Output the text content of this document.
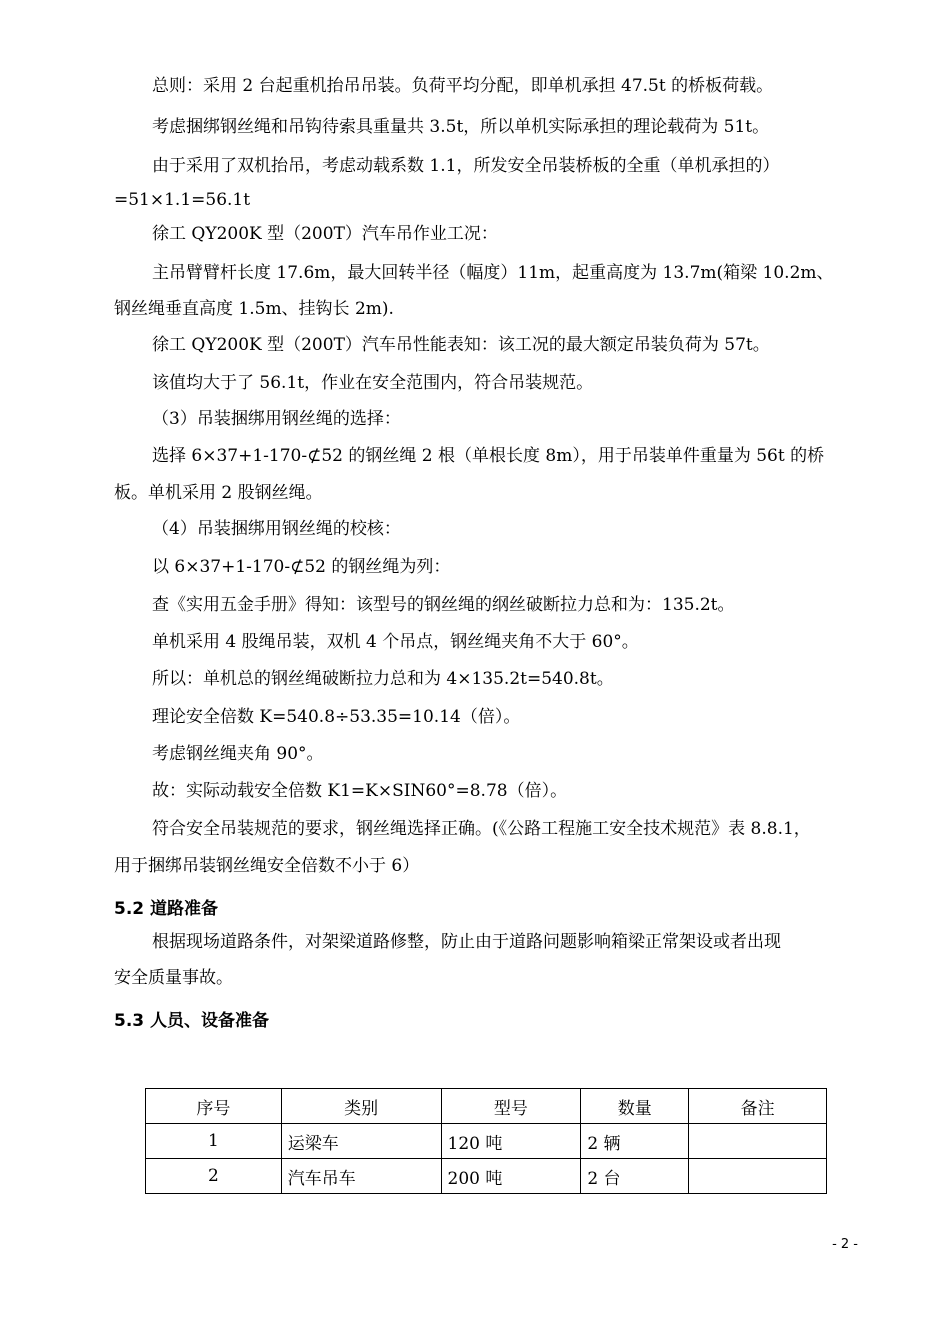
总则：采用 2 台起重机抬吊吊装。负荷平均分配，即单机承担 47.5t 的桥板荷载。
考虑捆绑钢丝绳和吊钩待索具重量共 3.5t，所以单机实际承担的理论载荷为 51t。
由于采用了双机抬吊，考虑动载系数 1.1，所发安全吊装桥板的全重（单机承担的）
=51×1.1=56.1t
徐工 QY200K 型（200T）汽车吊作业工况：
主吊臂臂杆长度 17.6m，最大回转半径（幅度）11m，起重高度为 13.7m(箱梁 10.2m、
钢丝绳垂直高度 1.5m、挂钩长 2m).
徐工 QY200K 型（200T）汽车吊性能表知：该工况的最大额定吊装负荷为 57t。
该值均大于了 56.1t，作业在安全范围内，符合吊装规范。
（3）吊装捆绑用钢丝绳的选择：
选择 6×37+1-170-⊄52 的钢丝绳 2 根（单根长度 8m），用于吊装单件重量为 56t 的桥
板。单机采用 2 股钢丝绳。
（4）吊装捆绑用钢丝绳的校核：
以 6×37+1-170-⊄52 的钢丝绳为列：
查《实用五金手册》得知：该型号的钢丝绳的纲丝破断拉力总和为：135.2t。
单机采用 4 股绳吊装，双机 4 个吊点，钢丝绳夹角不大于 60°。
所以：单机总的钢丝绳破断拉力总和为 4×135.2t=540.8t。
理论安全倍数 K=540.8÷53.35=10.14（倍）。
考虑钢丝绳夹角 90°。
故：实际动载安全倍数 K1=K×SIN60°=8.78（倍）。
符合安全吊装规范的要求，钢丝绳选择正确。(《公路工程施工安全技术规范》表 8.8.1，
用于捆绑吊装钢丝绳安全倍数不小于 6）
5.2 道路准备
根据现场道路条件，对架梁道路修整，防止由于道路问题影响箱梁正常架设或者出现
安全质量事故。
5.3 人员、设备准备
序号	类别	型号	数量	备注
1	运梁车	120 吨	2 辆	
2	汽车吊车	200 吨	2 台	
- 2 -
